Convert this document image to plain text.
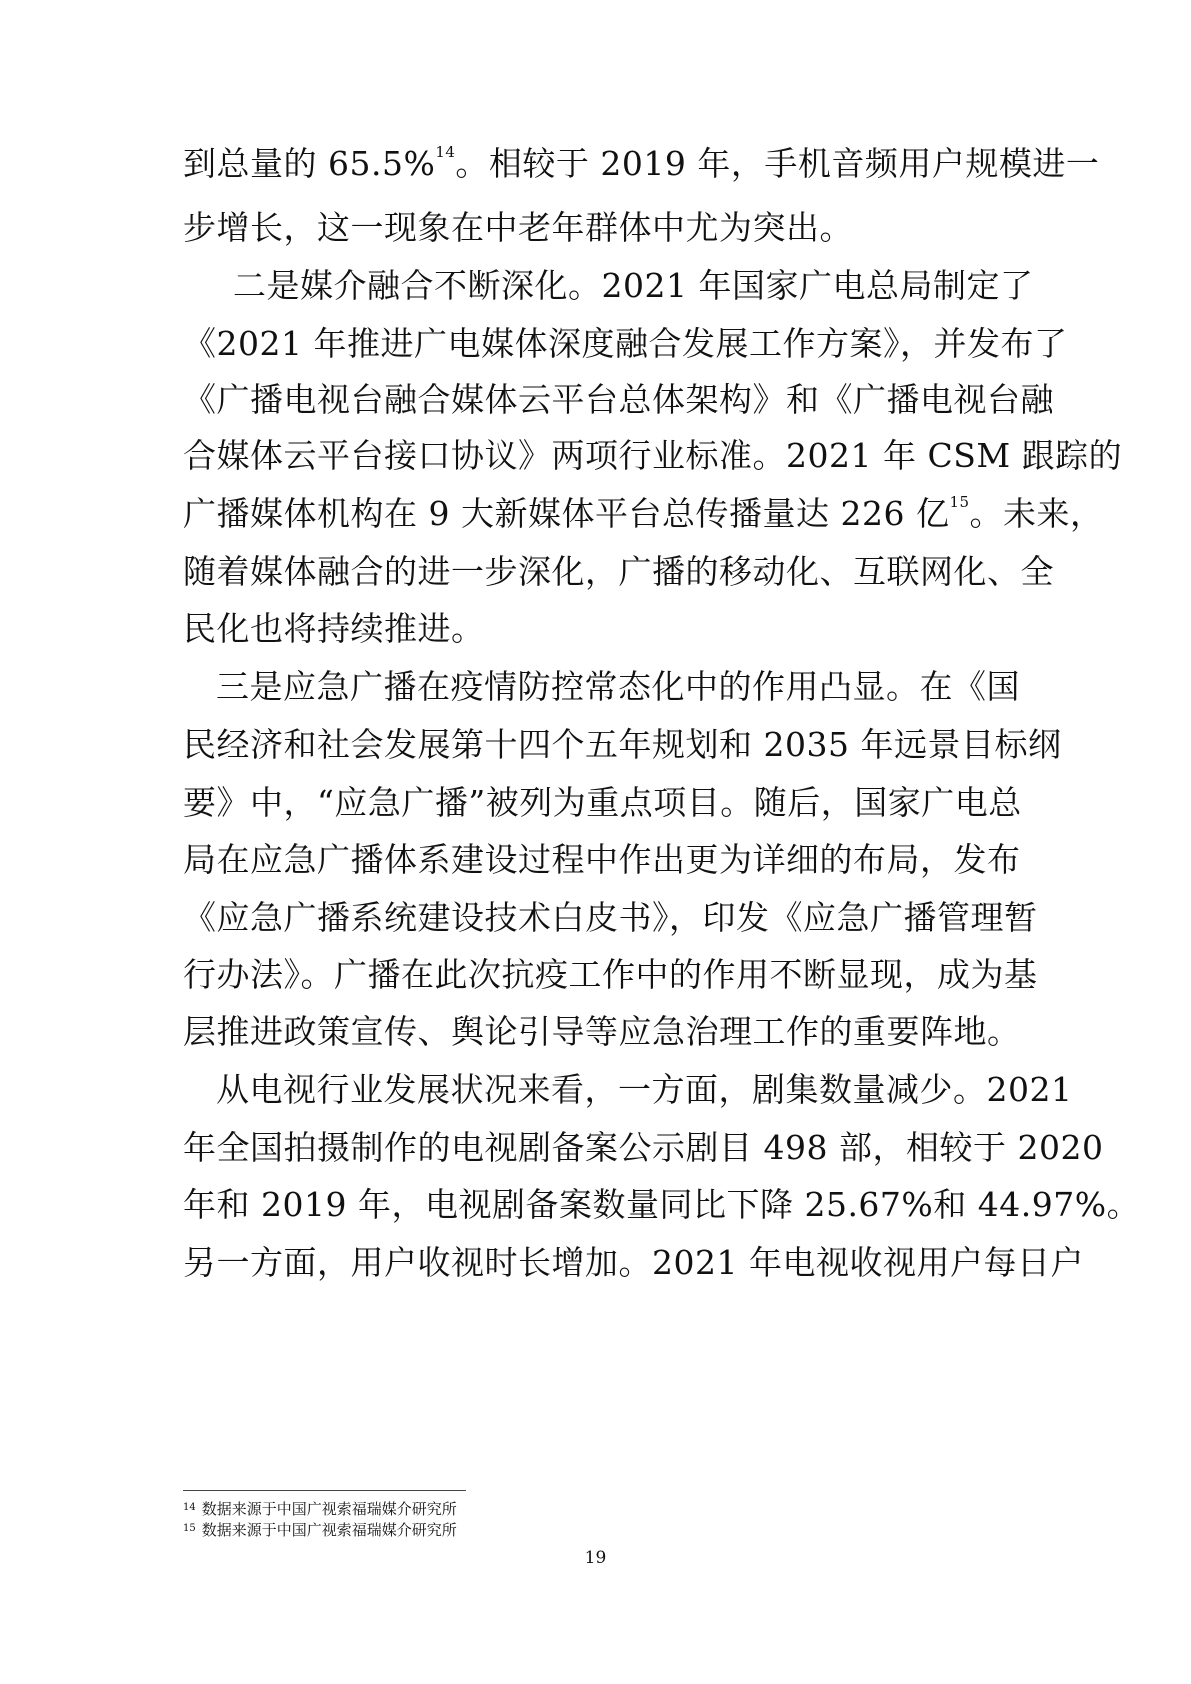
到总量的 65.5%$^{14}$。相较于 2019 年，手机音频用户规模进一
步增长，这一现象在中老年群体中尤为突出。
二是媒介融合不断深化。2021 年国家广电总局制定了
《2021 年推进广电媒体深度融合发展工作方案》，并发布了
《广播电视台融合媒体云平台总体架构》和《广播电视台融
合媒体云平台接口协议》两项行业标准。2021 年 CSM 跟踪的
广播媒体机构在 9 大新媒体平台总传播量达 226 亿$^{15}$。未来，
随着媒体融合的进一步深化，广播的移动化、互联网化、全
民化也将持续推进。
三是应急广播在疫情防控常态化中的作用凸显。在《国
民经济和社会发展第十四个五年规划和 2035 年远景目标纲
要》中，“应急广播”被列为重点项目。随后，国家广电总
局在应急广播体系建设过程中作出更为详细的布局，发布
《应急广播系统建设技术白皮书》，印发《应急广播管理暂
行办法》。广播在此次抗疫工作中的作用不断显现，成为基
层推进政策宣传、舆论引导等应急治理工作的重要阵地。
从电视行业发展状况来看，一方面，剧集数量减少。2021
年全国拍摄制作的电视剧备案公示剧目 498 部，相较于 2020
年和 2019 年，电视剧备案数量同比下降 25.67%和 44.97%。
另一方面，用户收视时长增加。2021 年电视收视用户每日户
$^{14}$ 数据来源于中国广视索福瑞媒介研究所
$^{15}$ 数据来源于中国广视索福瑞媒介研究所
19
